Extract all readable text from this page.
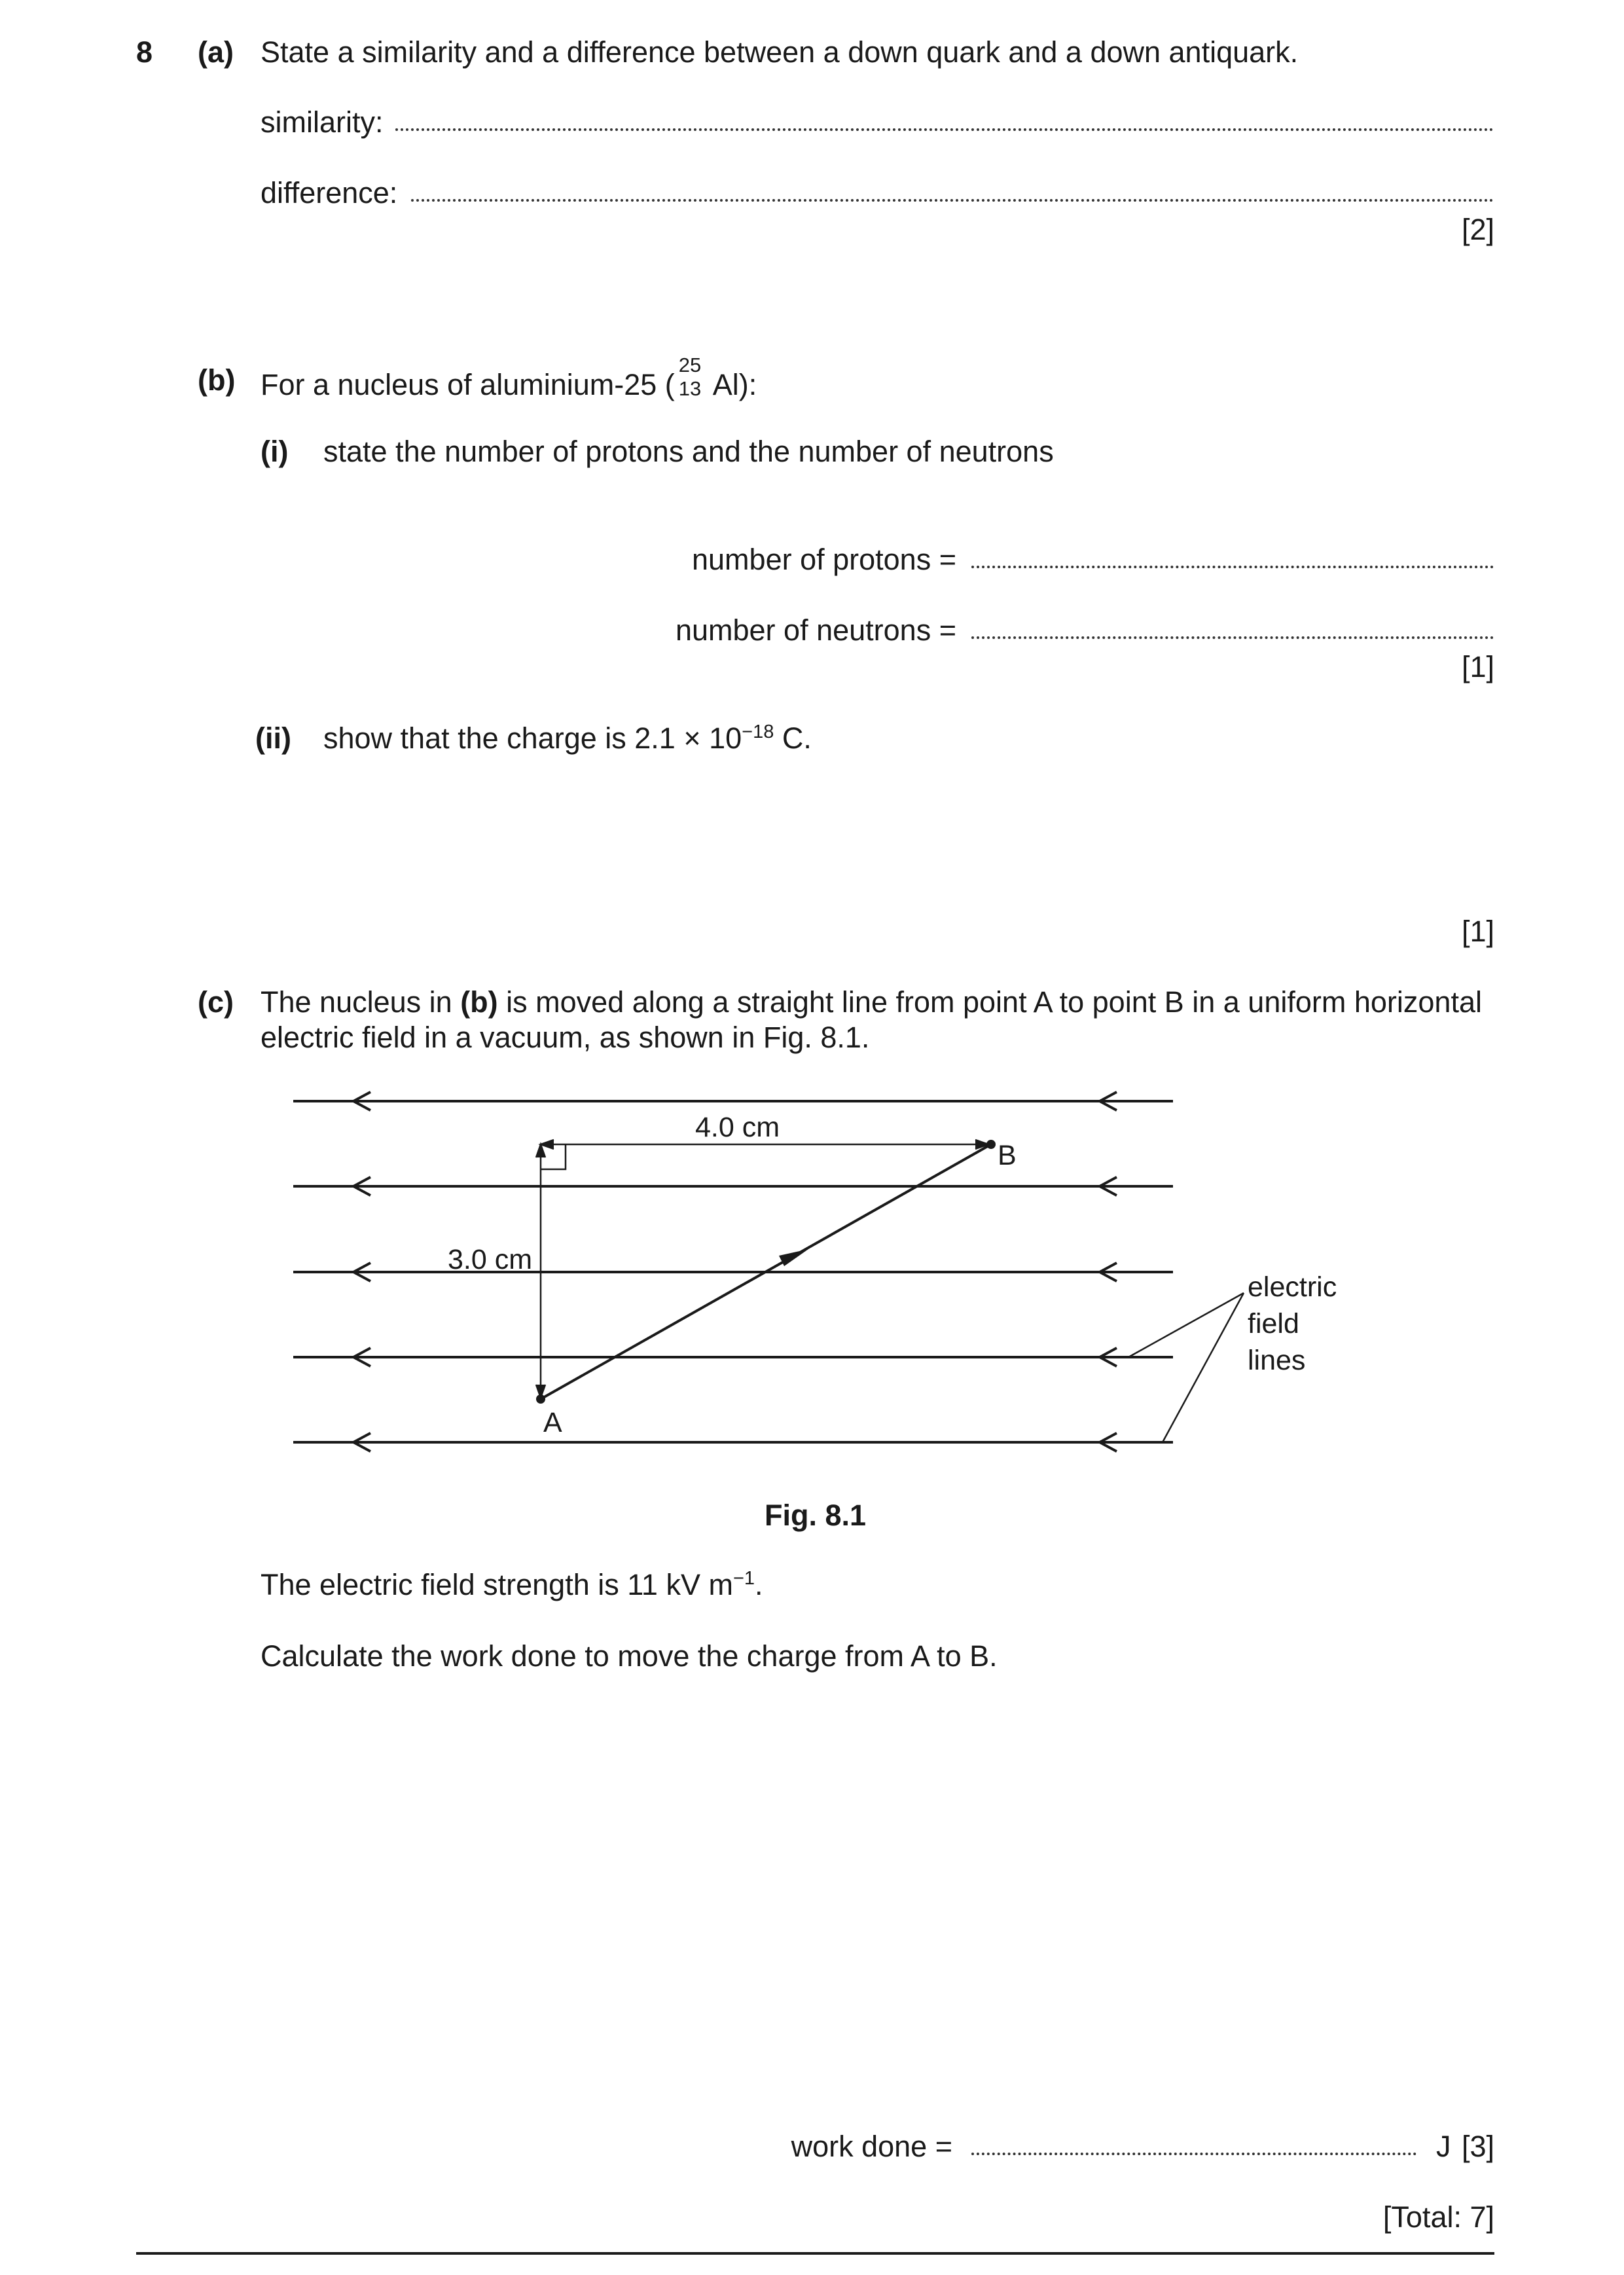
8 (a) State a similarity and a difference between a down quark and a down antiquark.
similarity:
difference:
[2]
(b) For a nucleus of aluminium-25 (
25
13 Al):
(i) state the number of protons and the number of neutrons
number of protons =
number of neutrons =
[1]
(ii) show that the charge is $2.1 \times 10^{-18}$ C.
[1]
(c) The nucleus in (b) is moved along a straight line from point A to point B in a uniform horizontal
electric field in a vacuum, as shown in Fig. 8.1.
4.0 cm
3.0 cm
A
B
electric
field
lines
Fig. 8.1
The electric field strength is 11 kV $m^{-1}$.
Calculate the work done to move the charge from A to B.
work done =	J [3]
[Total: 7]
